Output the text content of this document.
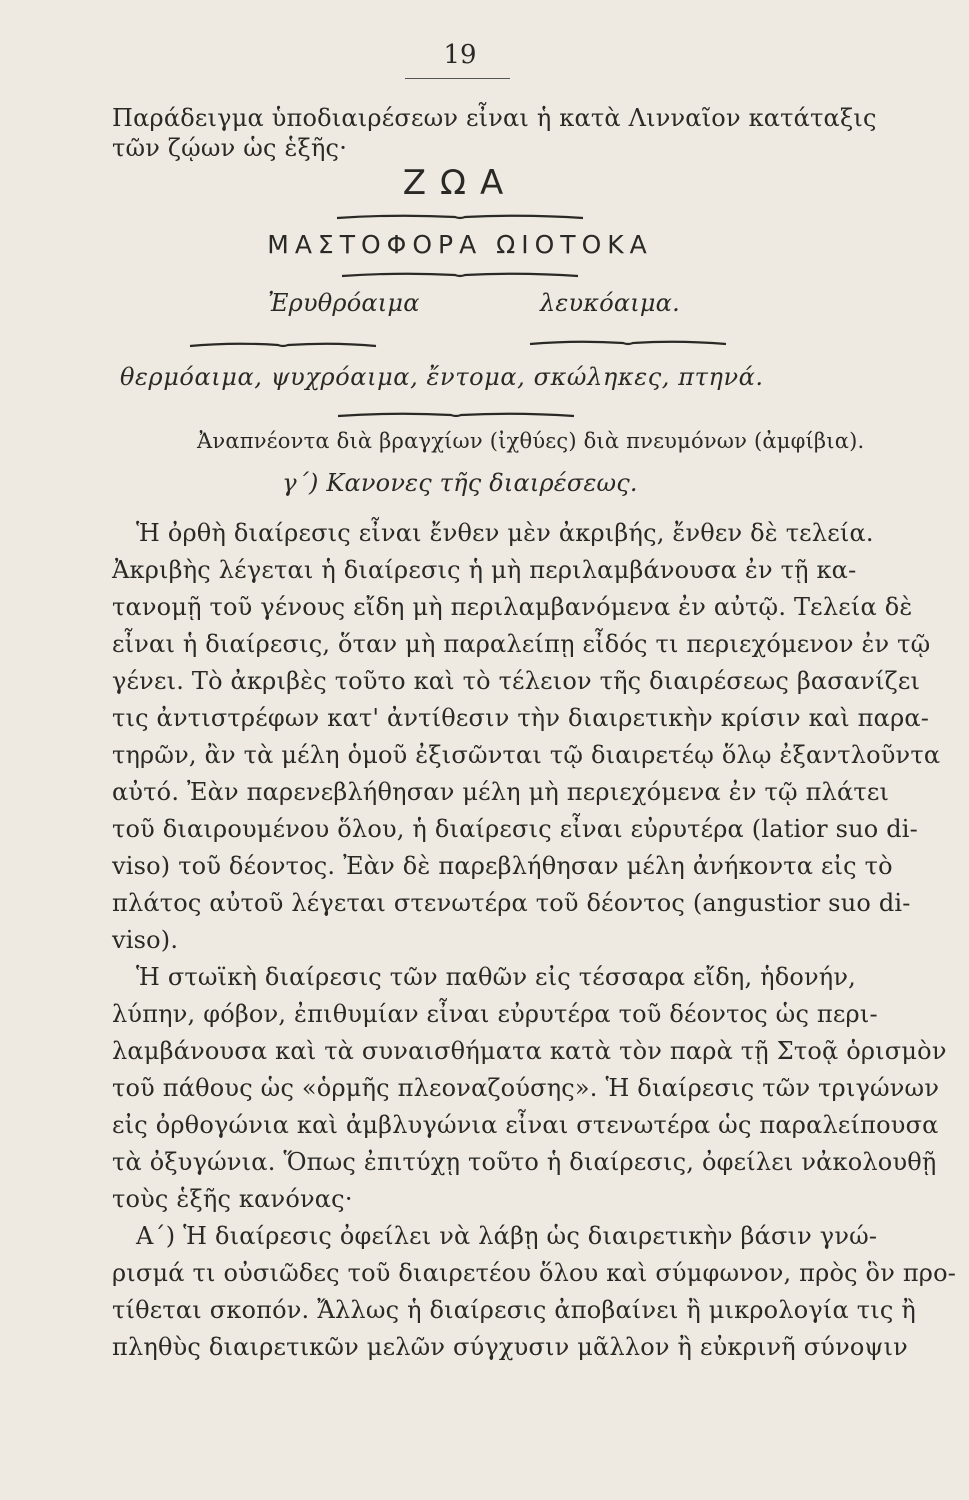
19
Παράδειγμα ὑποδιαιρέσεων εἶναι ἡ κατὰ Λινναῖον κατάταξις
τῶν ζῴων ὡς ἑξῆς·
ΖΩΑ
ΜΑΣΤΟΦΟΡΑ ΩΙΟΤΟΚΑ
Ἐρυθρόαιμα	λευκόαιμα.
θερμόαιμα, ψυχρόαιμα, ἔντομα, σκώληκες, πτηνά.
Ἀναπνέοντα διὰ βραγχίων (ἰχθύες) διὰ πνευμόνων (ἀμφίβια).
γ΄) Κανονες τῆς διαιρέσεως.
Ἡ ὀρθὴ διαίρεσις εἶναι ἔνθεν μὲν ἀκριβής, ἔνθεν δὲ τελεία.
Ἀκριβὴς λέγεται ἡ διαίρεσις ἡ μὴ περιλαμβάνουσα ἐν τῇ κα-
τανομῇ τοῦ γένους εἴδη μὴ περιλαμβανόμενα ἐν αὐτῷ. Τελεία δὲ
εἶναι ἡ διαίρεσις, ὅταν μὴ παραλείπῃ εἶδός τι περιεχόμενον ἐν τῷ
γένει. Τὸ ἀκριβὲς τοῦτο καὶ τὸ τέλειον τῆς διαιρέσεως βασανίζει
τις ἀντιστρέφων κατ' ἀντίθεσιν τὴν διαιρετικὴν κρίσιν καὶ παρα-
τηρῶν, ἂν τὰ μέλη ὁμοῦ ἐξισῶνται τῷ διαιρετέῳ ὅλῳ ἐξαντλοῦντα
αὐτό. Ἐὰν παρενεβλήθησαν μέλη μὴ περιεχόμενα ἐν τῷ πλάτει
τοῦ διαιρουμένου ὅλου, ἡ διαίρεσις εἶναι εὐρυτέρα (latior suo di-
viso) τοῦ δέοντος. Ἐὰν δὲ παρεβλήθησαν μέλη ἀνήκοντα εἰς τὸ
πλάτος αὐτοῦ λέγεται στενωτέρα τοῦ δέοντος (angustior suo di-
viso).
Ἡ στωϊκὴ διαίρεσις τῶν παθῶν εἰς τέσσαρα εἴδη, ἡδονήν,
λύπην, φόβον, ἐπιθυμίαν εἶναι εὐρυτέρα τοῦ δέοντος ὡς περι-
λαμβάνουσα καὶ τὰ συναισθήματα κατὰ τὸν παρὰ τῇ Στοᾷ ὁρισμὸν
τοῦ πάθους ὡς «ὁρμῆς πλεοναζούσης». Ἡ διαίρεσις τῶν τριγώνων
εἰς ὀρθογώνια καὶ ἀμβλυγώνια εἶναι στενωτέρα ὡς παραλείπουσα
τὰ ὀξυγώνια. Ὅπως ἐπιτύχῃ τοῦτο ἡ διαίρεσις, ὀφείλει νἀκολουθῇ
τοὺς ἑξῆς κανόνας·
Α΄) Ἡ διαίρεσις ὀφείλει νὰ λάβῃ ὡς διαιρετικὴν βάσιν γνώ-
ρισμά τι οὐσιῶδες τοῦ διαιρετέου ὅλου καὶ σύμφωνον, πρὸς ὃν προ-
τίθεται σκοπόν. Ἄλλως ἡ διαίρεσις ἀποβαίνει ἢ μικρολογία τις ἢ
πληθὺς διαιρετικῶν μελῶν σύγχυσιν μᾶλλον ἢ εὐκρινῆ σύνοψιν
